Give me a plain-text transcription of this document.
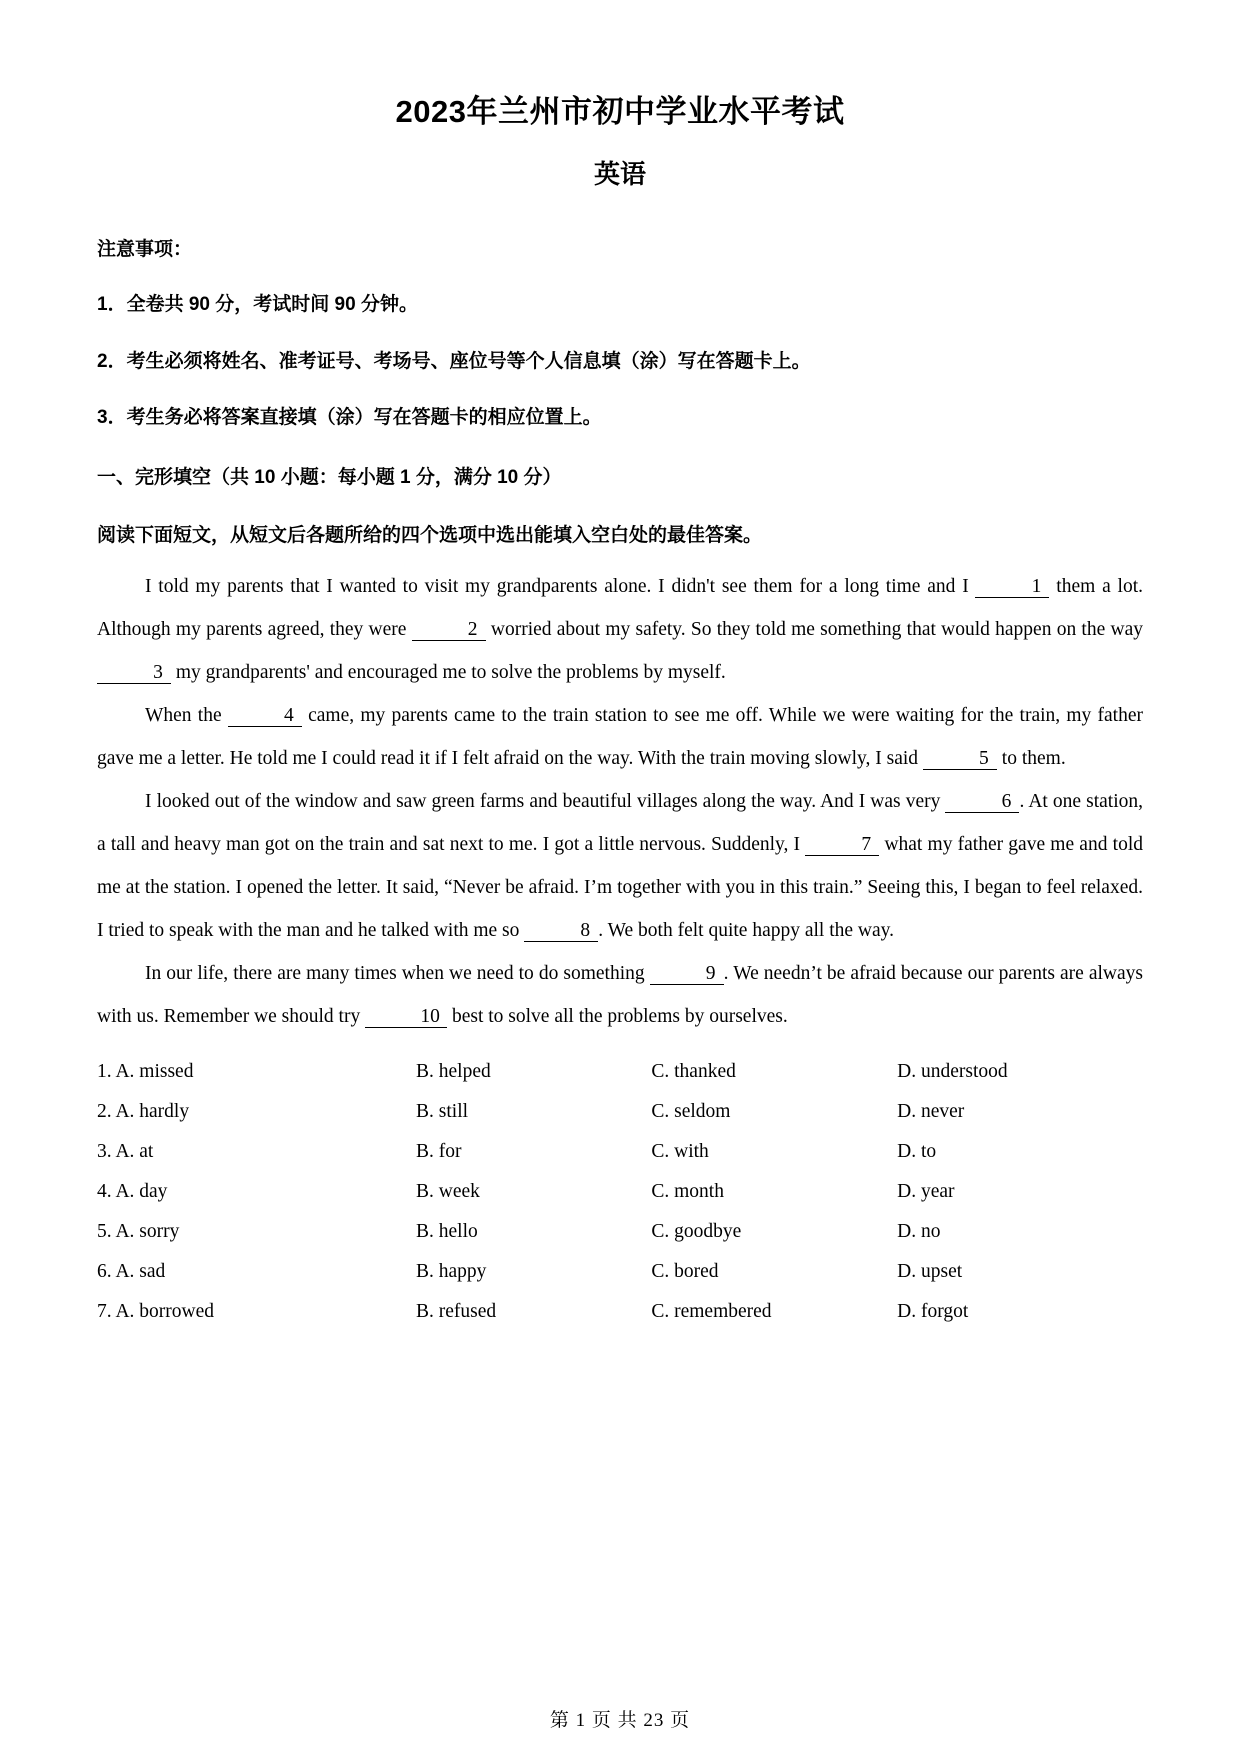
2023年兰州市初中学业水平考试
英语
注意事项：
1．全卷共 90 分，考试时间 90 分钟。
2．考生必须将姓名、准考证号、考场号、座位号等个人信息填（涂）写在答题卡上。
3．考生务必将答案直接填（涂）写在答题卡的相应位置上。
一、完形填空（共 10 小题：每小题 1 分，满分 10 分）
阅读下面短文，从短文后各题所给的四个选项中选出能填入空白处的最佳答案。

I told my parents that I wanted to visit my grandparents alone. I didn't see them for a long time and I	1 them a lot. Although my parents agreed, they were	2 worried about my safety. So they told me something that would happen on the way 3 my grandparents' and encouraged me to solve the problems by myself.

When the	4 came, my parents came to the train station to see me off. While we were waiting for the train, my father gave me a letter. He told me I could read it if I felt afraid on the way. With the train moving slowly, I said	5 to them.

I looked out of the window and saw green farms and beautiful villages along the way. And I was very	6 . At one station, a tall and heavy man got on the train and sat next to me. I got a little nervous. Suddenly, I	7 what my father gave me and told me at the station. I opened the letter. It said, “Never be afraid. I’m together with you in this train.” Seeing this, I began to feel relaxed. I tried to speak with the man and he talked with me so	8 . We both felt quite happy all the way.

In our life, there are many times when we need to do something	9 . We needn’t be afraid because our parents are always with us. Remember we should try	10 best to solve all the problems by ourselves.

1. A. missed	B. helped	C. thanked	D. understood
2. A. hardly	B. still	C. seldom	D. never
3. A. at	B. for	C. with	D. to
4. A. day	B. week	C. month	D. year
5. A. sorry	B. hello	C. goodbye	D. no
6. A. sad	B. happy	C. bored	D. upset
7. A. borrowed	B. refused	C. remembered	D. forgot
第 1 页 共 23 页
